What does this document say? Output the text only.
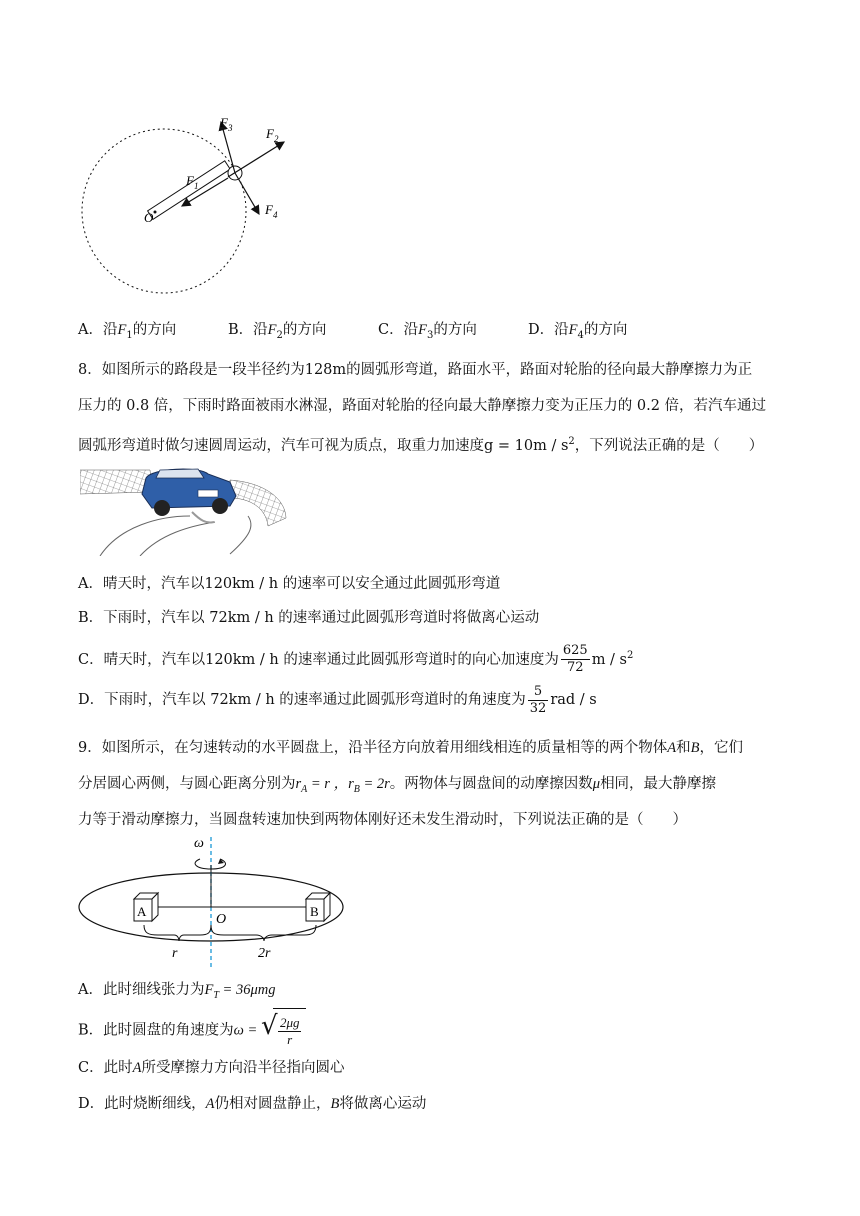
$F_3$	$F_2$
$F_1$
$F_4$
O
A．沿$F_1$的方向	B．沿$F_2$的方向	C．沿$F_3$的方向	D．沿$F_4$的方向
8．如图所示的路段是一段半径约为128m的圆弧形弯道，路面水平，路面对轮胎的径向最大静摩擦力为正
压力的 0.8 倍，下雨时路面被雨水淋湿，路面对轮胎的径向最大静摩擦力变为正压力的 0.2 倍，若汽车通过
圆弧形弯道时做匀速圆周运动，汽车可视为质点，取重力加速度$g = 10m / s^2$，下列说法正确的是（　　）
A．晴天时，汽车以120km / h 的速率可以安全通过此圆弧形弯道
B．下雨时，汽车以 72km / h 的速率通过此圆弧形弯道时将做离心运动
C．晴天时，汽车以120km / h 的速率通过此圆弧形弯道时的向心加速度为 $\frac{625}{72}$ m / $s^2$
D．下雨时，汽车以 72km / h 的速率通过此圆弧形弯道时的角速度为 $\frac{5}{32}$ rad / s
9．如图所示，在匀速转动的水平圆盘上，沿半径方向放着用细线相连的质量相等的两个物体A和B，它们
分居圆心两侧，与圆心距离分别为$r_A = r$ ，$r_B = 2r$。两物体与圆盘间的动摩擦因数μ相同，最大静摩擦
力等于滑动摩擦力，当圆盘转速加快到两物体刚好还未发生滑动时，下列说法正确的是（　　）
ω
A	B
O
r	2r
A．此时细线张力为$F_T = 36\mu mg$
B．此时圆盘的角速度为ω = √ $\frac{2\mu g}{r}$
C．此时A所受摩擦力方向沿半径指向圆心
D．此时烧断细线，A仍相对圆盘静止，B将做离心运动
